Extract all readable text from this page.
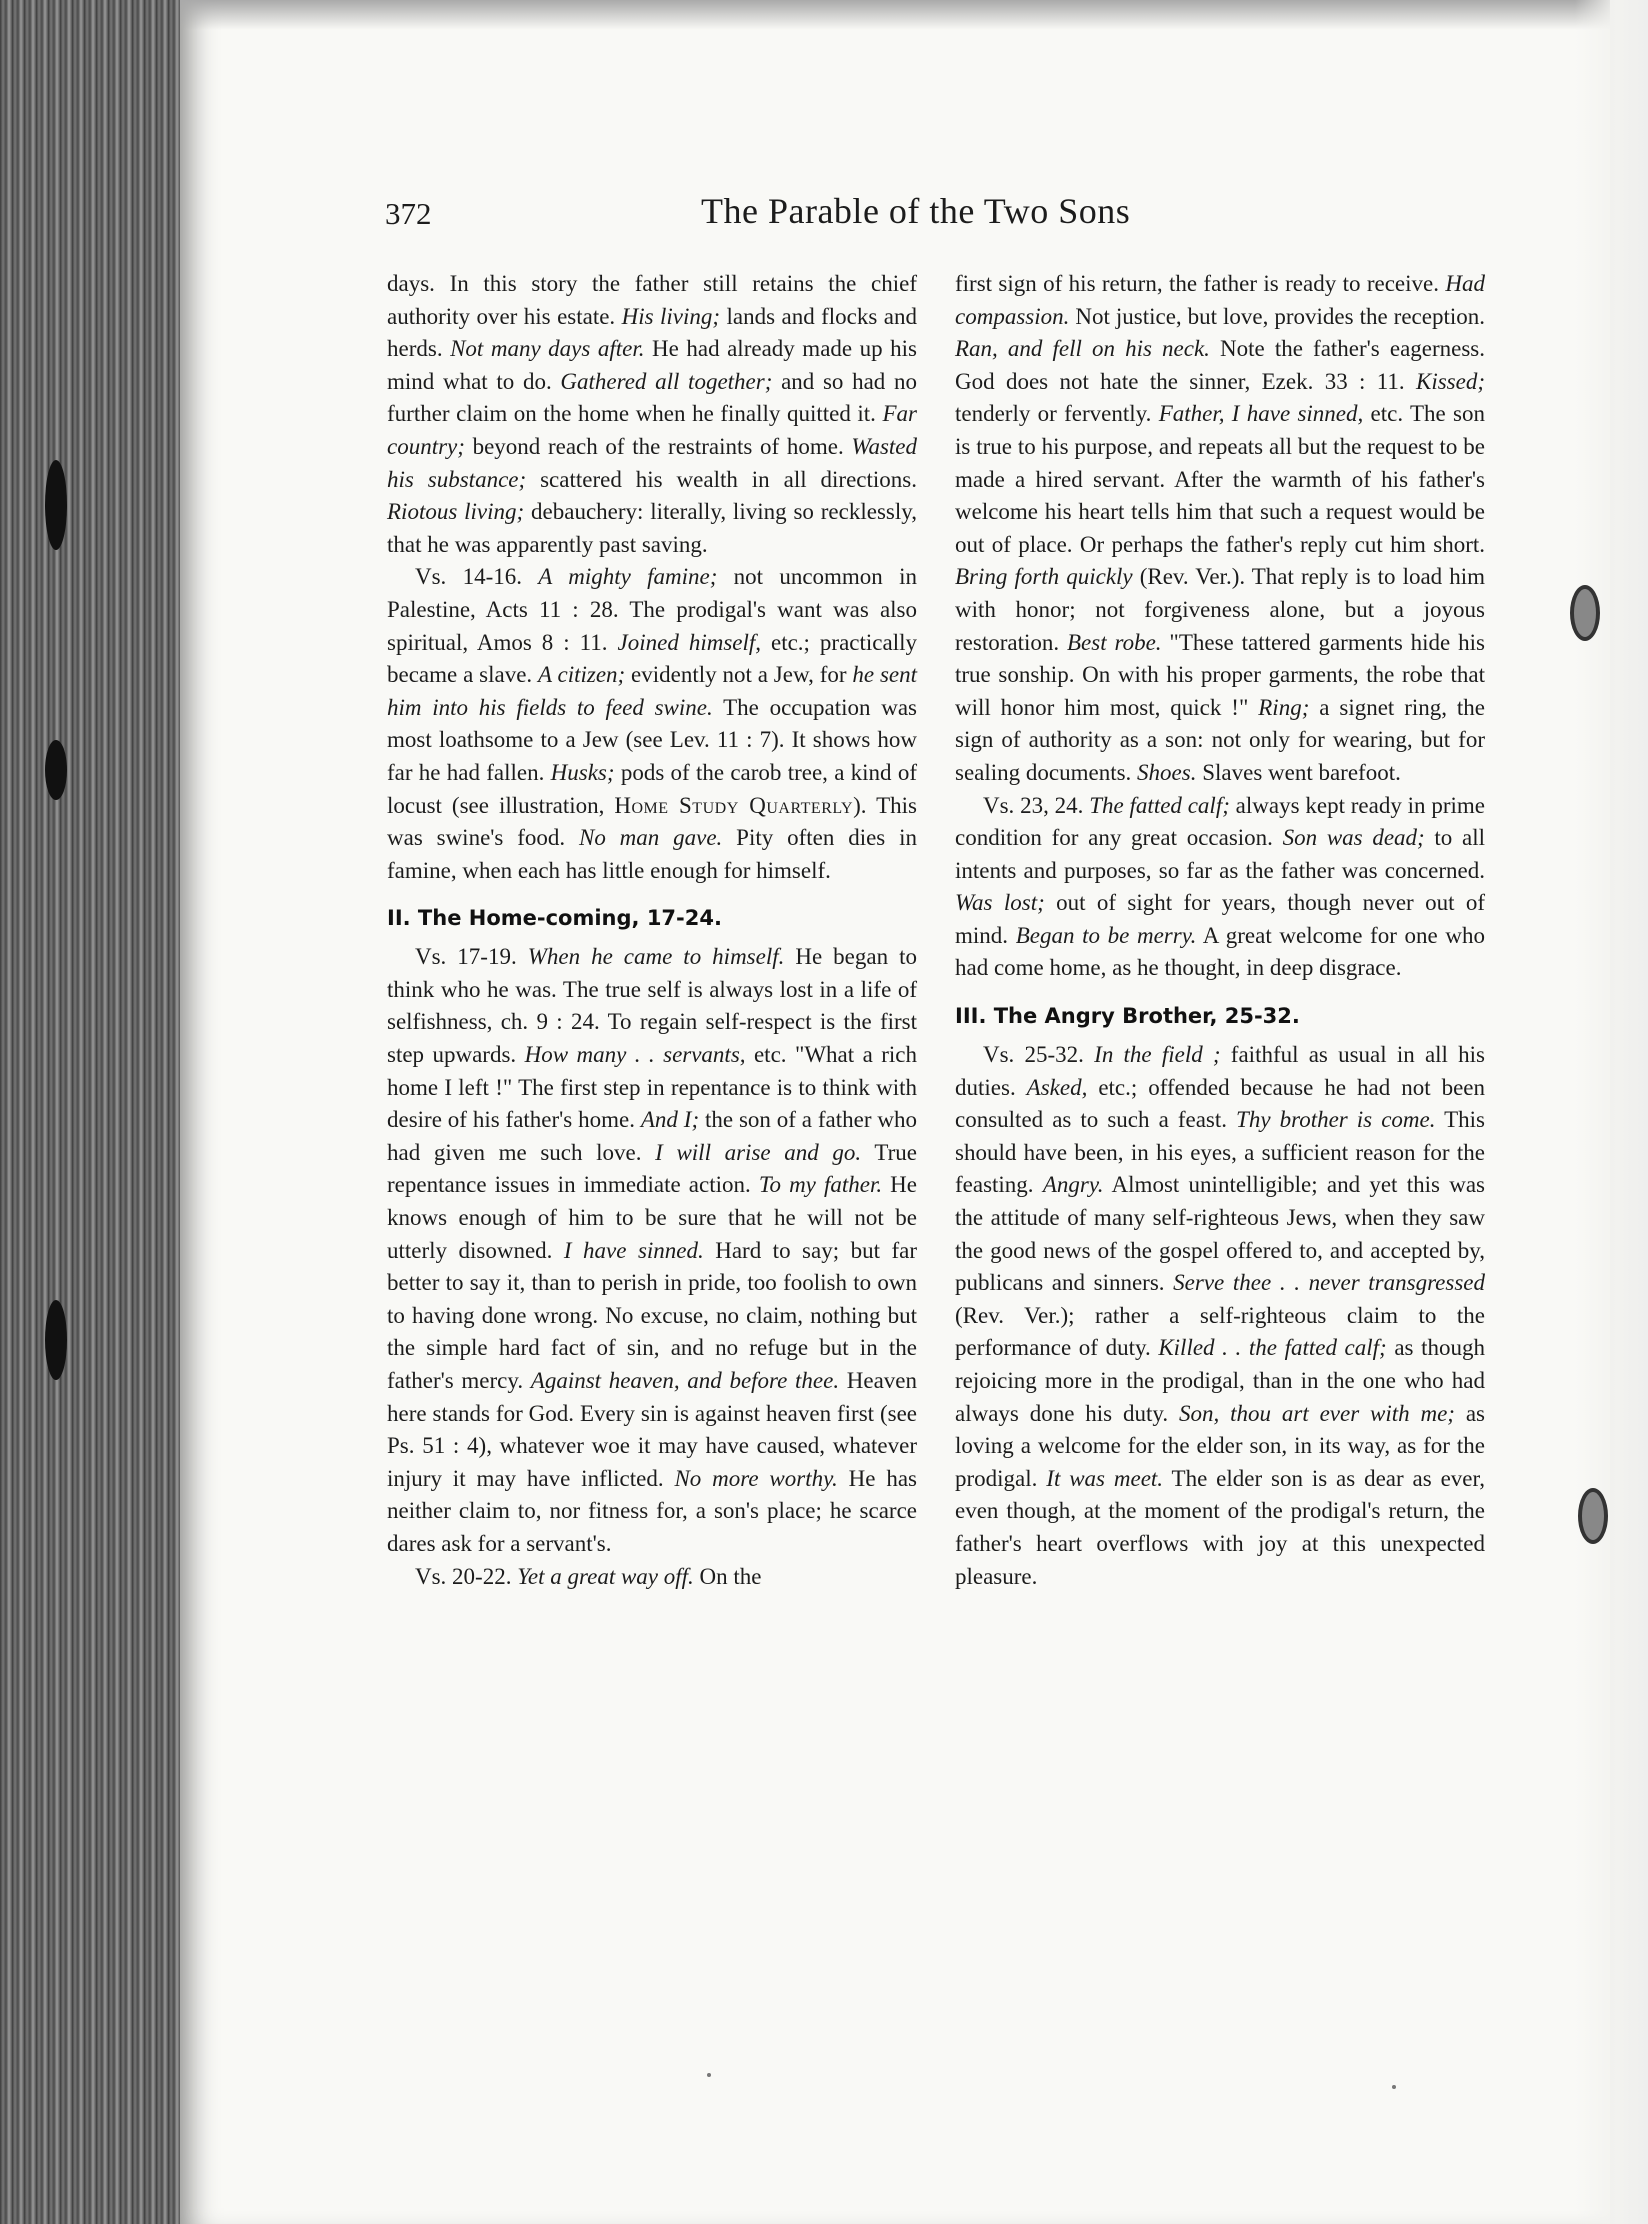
372	The Parable of the Two Sons

days. In this story the father still retains the chief authority over his estate. His living; lands and flocks and herds. Not many days after. He had already made up his mind what to do. Gathered all together; and so had no further claim on the home when he finally quitted it. Far country; beyond reach of the restraints of home. Wasted his substance; scattered his wealth in all directions. Riotous living; debauchery: literally, living so recklessly, that he was apparently past saving.

Vs. 14-16. A mighty famine; not uncommon in Palestine, Acts 11 : 28. The prodigal's want was also spiritual, Amos 8 : 11. Joined himself, etc.; practically became a slave. A citizen; evidently not a Jew, for he sent him into his fields to feed swine. The occupation was most loathsome to a Jew (see Lev. 11 : 7). It shows how far he had fallen. Husks; pods of the carob tree, a kind of locust (see illustration, Home Study Quarterly). This was swine's food. No man gave. Pity often dies in famine, when each has little enough for himself.

II. The Home-coming, 17-24.

Vs. 17-19. When he came to himself. He began to think who he was. The true self is always lost in a life of selfishness, ch. 9 : 24. To regain self-respect is the first step upwards. How many . . servants, etc. "What a rich home I left !" The first step in repentance is to think with desire of his father's home. And I; the son of a father who had given me such love. I will arise and go. True repentance issues in immediate action. To my father. He knows enough of him to be sure that he will not be utterly disowned. I have sinned. Hard to say; but far better to say it, than to perish in pride, too foolish to own to having done wrong. No excuse, no claim, nothing but the simple hard fact of sin, and no refuge but in the father's mercy. Against heaven, and before thee. Heaven here stands for God. Every sin is against heaven first (see Ps. 51 : 4), whatever woe it may have caused, whatever injury it may have inflicted. No more worthy. He has neither claim to, nor fitness for, a son's place; he scarce dares ask for a servant's.

Vs. 20-22. Yet a great way off. On the

first sign of his return, the father is ready to receive. Had compassion. Not justice, but love, provides the reception. Ran, and fell on his neck. Note the father's eagerness. God does not hate the sinner, Ezek. 33 : 11. Kissed; tenderly or fervently. Father, I have sinned, etc. The son is true to his purpose, and repeats all but the request to be made a hired servant. After the warmth of his father's welcome his heart tells him that such a request would be out of place. Or perhaps the father's reply cut him short. Bring forth quickly (Rev. Ver.). That reply is to load him with honor; not forgiveness alone, but a joyous restoration. Best robe. "These tattered garments hide his true sonship. On with his proper garments, the robe that will honor him most, quick !" Ring; a signet ring, the sign of authority as a son: not only for wearing, but for sealing documents. Shoes. Slaves went barefoot.

Vs. 23, 24. The fatted calf; always kept ready in prime condition for any great occasion. Son was dead; to all intents and purposes, so far as the father was concerned. Was lost; out of sight for years, though never out of mind. Began to be merry. A great welcome for one who had come home, as he thought, in deep disgrace.

III. The Angry Brother, 25-32.

Vs. 25-32. In the field ; faithful as usual in all his duties. Asked, etc.; offended because he had not been consulted as to such a feast. Thy brother is come. This should have been, in his eyes, a sufficient reason for the feasting. Angry. Almost unintelligible; and yet this was the attitude of many self-righteous Jews, when they saw the good news of the gospel offered to, and accepted by, publicans and sinners. Serve thee . . never transgressed (Rev. Ver.); rather a self-righteous claim to the performance of duty. Killed . . the fatted calf; as though rejoicing more in the prodigal, than in the one who had always done his duty. Son, thou art ever with me; as loving a welcome for the elder son, in its way, as for the prodigal. It was meet. The elder son is as dear as ever, even though, at the moment of the prodigal's return, the father's heart overflows with joy at this unexpected pleasure.
